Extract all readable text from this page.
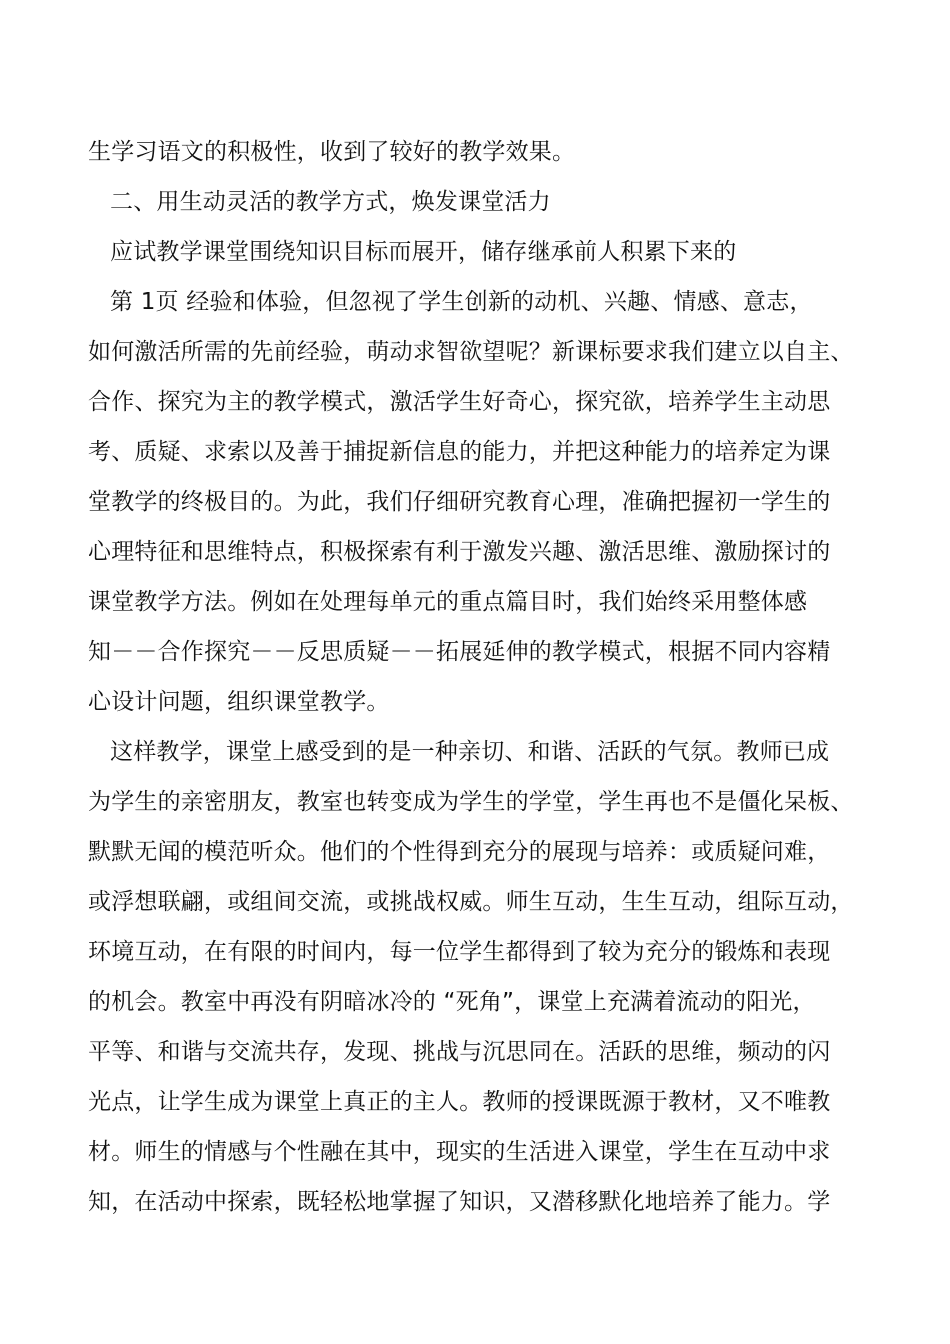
生学习语文的积极性，收到了较好的教学效果。
二、用生动灵活的教学方式，焕发课堂活力
应试教学课堂围绕知识目标而展开，储存继承前人积累下来的
第 1页 经验和体验，但忽视了学生创新的动机、兴趣、情感、意志，
如何激活所需的先前经验，萌动求智欲望呢？新课标要求我们建立以自主、
合作、探究为主的教学模式，激活学生好奇心，探究欲，培养学生主动思
考、质疑、求索以及善于捕捉新信息的能力，并把这种能力的培养定为课
堂教学的终极目的。为此，我们仔细研究教育心理，准确把握初一学生的
心理特征和思维特点，积极探索有利于激发兴趣、激活思维、激励探讨的
课堂教学方法。例如在处理每单元的重点篇目时，我们始终采用整体感
知－－合作探究－－反思质疑－－拓展延伸的教学模式，根据不同内容精
心设计问题，组织课堂教学。
这样教学，课堂上感受到的是一种亲切、和谐、活跃的气氛。教师已成
为学生的亲密朋友，教室也转变成为学生的学堂，学生再也不是僵化呆板、
默默无闻的模范听众。他们的个性得到充分的展现与培养：或质疑问难，
或浮想联翩，或组间交流，或挑战权威。师生互动，生生互动，组际互动，
环境互动，在有限的时间内，每一位学生都得到了较为充分的锻炼和表现
的机会。教室中再没有阴暗冰冷的 “死角”，课堂上充满着流动的阳光，
平等、和谐与交流共存，发现、挑战与沉思同在。活跃的思维，频动的闪
光点，让学生成为课堂上真正的主人。教师的授课既源于教材，又不唯教
材。师生的情感与个性融在其中，现实的生活进入课堂，学生在互动中求
知，在活动中探索，既轻松地掌握了知识，又潜移默化地培养了能力。学
